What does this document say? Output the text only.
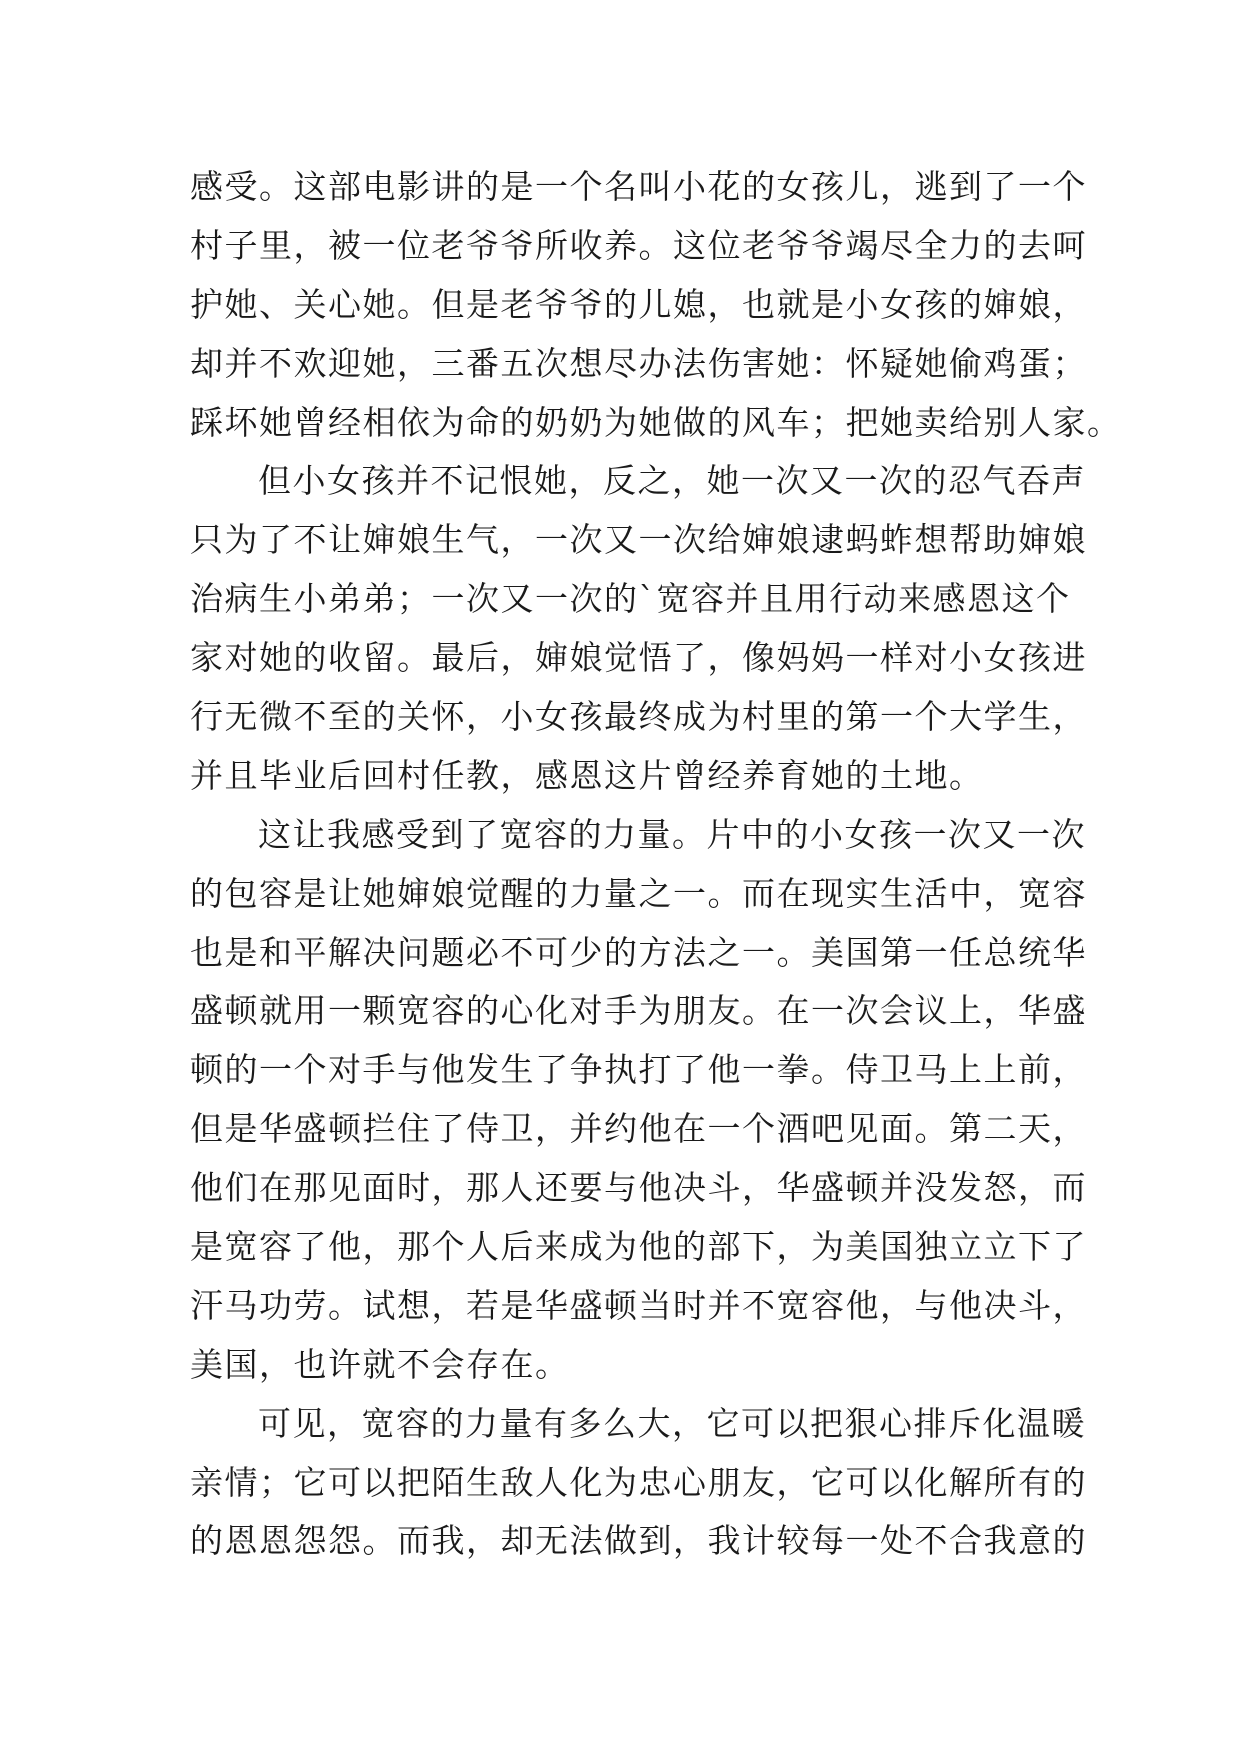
感受。这部电影讲的是一个名叫小花的女孩儿，逃到了一个
村子里，被一位老爷爷所收养。这位老爷爷竭尽全力的去呵
护她、关心她。但是老爷爷的儿媳，也就是小女孩的婶娘，
却并不欢迎她，三番五次想尽办法伤害她：怀疑她偷鸡蛋；
踩坏她曾经相依为命的奶奶为她做的风车；把她卖给别人家。
但小女孩并不记恨她，反之，她一次又一次的忍气吞声
只为了不让婶娘生气，一次又一次给婶娘逮蚂蚱想帮助婶娘
治病生小弟弟；一次又一次的`宽容并且用行动来感恩这个
家对她的收留。最后，婶娘觉悟了，像妈妈一样对小女孩进
行无微不至的关怀，小女孩最终成为村里的第一个大学生，
并且毕业后回村任教，感恩这片曾经养育她的土地。
这让我感受到了宽容的力量。片中的小女孩一次又一次
的包容是让她婶娘觉醒的力量之一。而在现实生活中，宽容
也是和平解决问题必不可少的方法之一。美国第一任总统华
盛顿就用一颗宽容的心化对手为朋友。在一次会议上，华盛
顿的一个对手与他发生了争执打了他一拳。侍卫马上上前，
但是华盛顿拦住了侍卫，并约他在一个酒吧见面。第二天，
他们在那见面时，那人还要与他决斗，华盛顿并没发怒，而
是宽容了他，那个人后来成为他的部下，为美国独立立下了
汗马功劳。试想，若是华盛顿当时并不宽容他，与他决斗，
美国，也许就不会存在。
可见，宽容的力量有多么大，它可以把狠心排斥化温暖
亲情；它可以把陌生敌人化为忠心朋友，它可以化解所有的
的恩恩怨怨。而我，却无法做到，我计较每一处不合我意的
